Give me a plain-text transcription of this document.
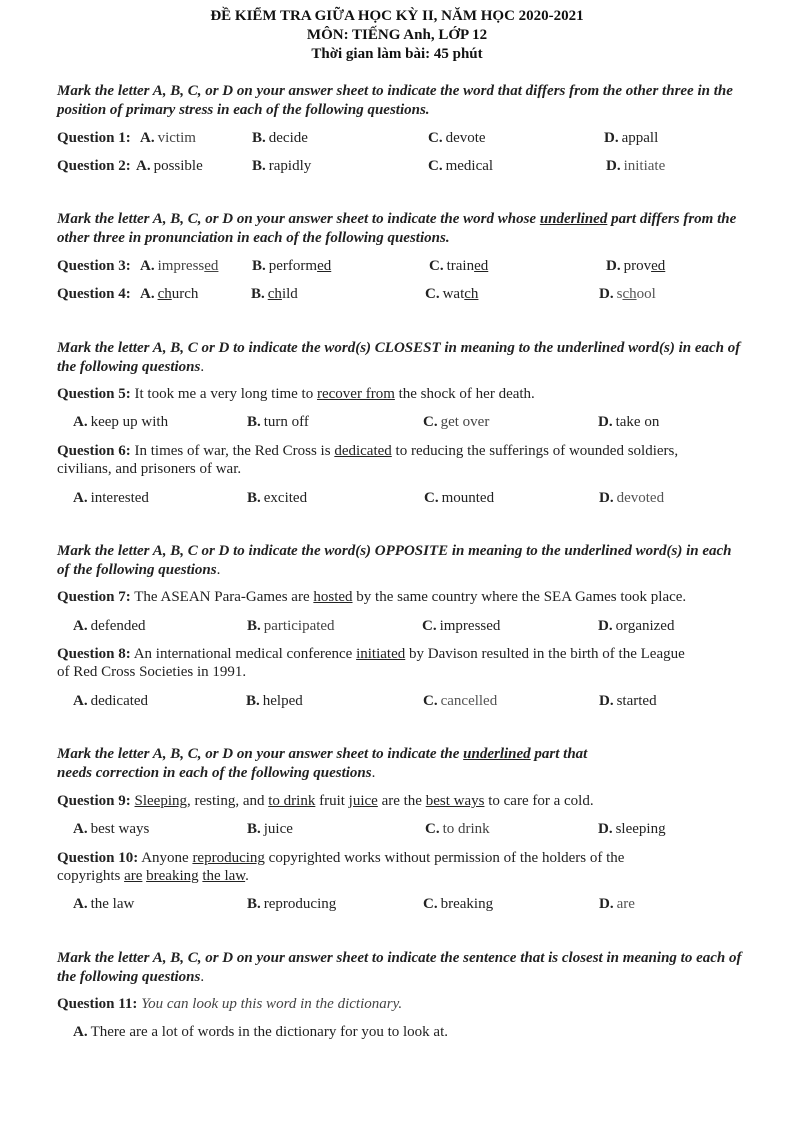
ĐỀ KIỂM TRA GIỮA HỌC KỲ II, NĂM HỌC 2020-2021
MÔN: TIẾNG Anh, LỚP 12
Thời gian làm bài: 45 phút
Mark the letter A, B, C, or D on your answer sheet to indicate the word that differs from the other three in the position of primary stress in each of the following questions.
Question 1: A. victim	B. decide	C. devote	D. appall
Question 2: A. possible	B. rapidly	C. medical	D. initiate
Mark the letter A, B, C, or D on your answer sheet to indicate the word whose underlined part differs from the other three in pronunciation in each of the following questions.
Question 3: A. impressed B. performed	C. trained	D. proved
Question 4: A. church	B. child	C. watch	D. school
Mark the letter A, B, C or D to indicate the word(s) CLOSEST in meaning to the underlined word(s) in each of the following questions.
Question 5: It took me a very long time to recover from the shock of her death.
A. keep up with	B. turn off	C. get over	D. take on
Question 6: In times of war, the Red Cross is dedicated to reducing the sufferings of wounded soldiers,
civilians, and prisoners of war.
A. interested	B. excited	C. mounted	D. devoted
Mark the letter A, B, C or D to indicate the word(s) OPPOSITE in meaning to the underlined word(s) in each of the following questions.
Question 7: The ASEAN Para-Games are hosted by the same country where the SEA Games took place.
A. defended	B. participated	C. impressed	D. organized
Question 8: An international medical conference initiated by Davison resulted in the birth of the League
of Red Cross Societies in 1991.
A. dedicated	B. helped	C. cancelled	D. started
Mark the letter A, B, C, or D on your answer sheet to indicate the underlined part that
needs correction in each of the following questions.
Question 9: Sleeping, resting, and to drink fruit juice are the best ways to care for a cold.
A. best ways	B. juice	C. to drink	D. sleeping
Question 10: Anyone reproducing copyrighted works without permission of the holders of the
copyrights are breaking the law.
A. the law	B. reproducing	C. breaking	D. are
Mark the letter A, B, C, or D on your answer sheet to indicate the sentence that is closest in meaning to each of the following questions.
Question 11: You can look up this word in the dictionary.
A. There are a lot of words in the dictionary for you to look at.
